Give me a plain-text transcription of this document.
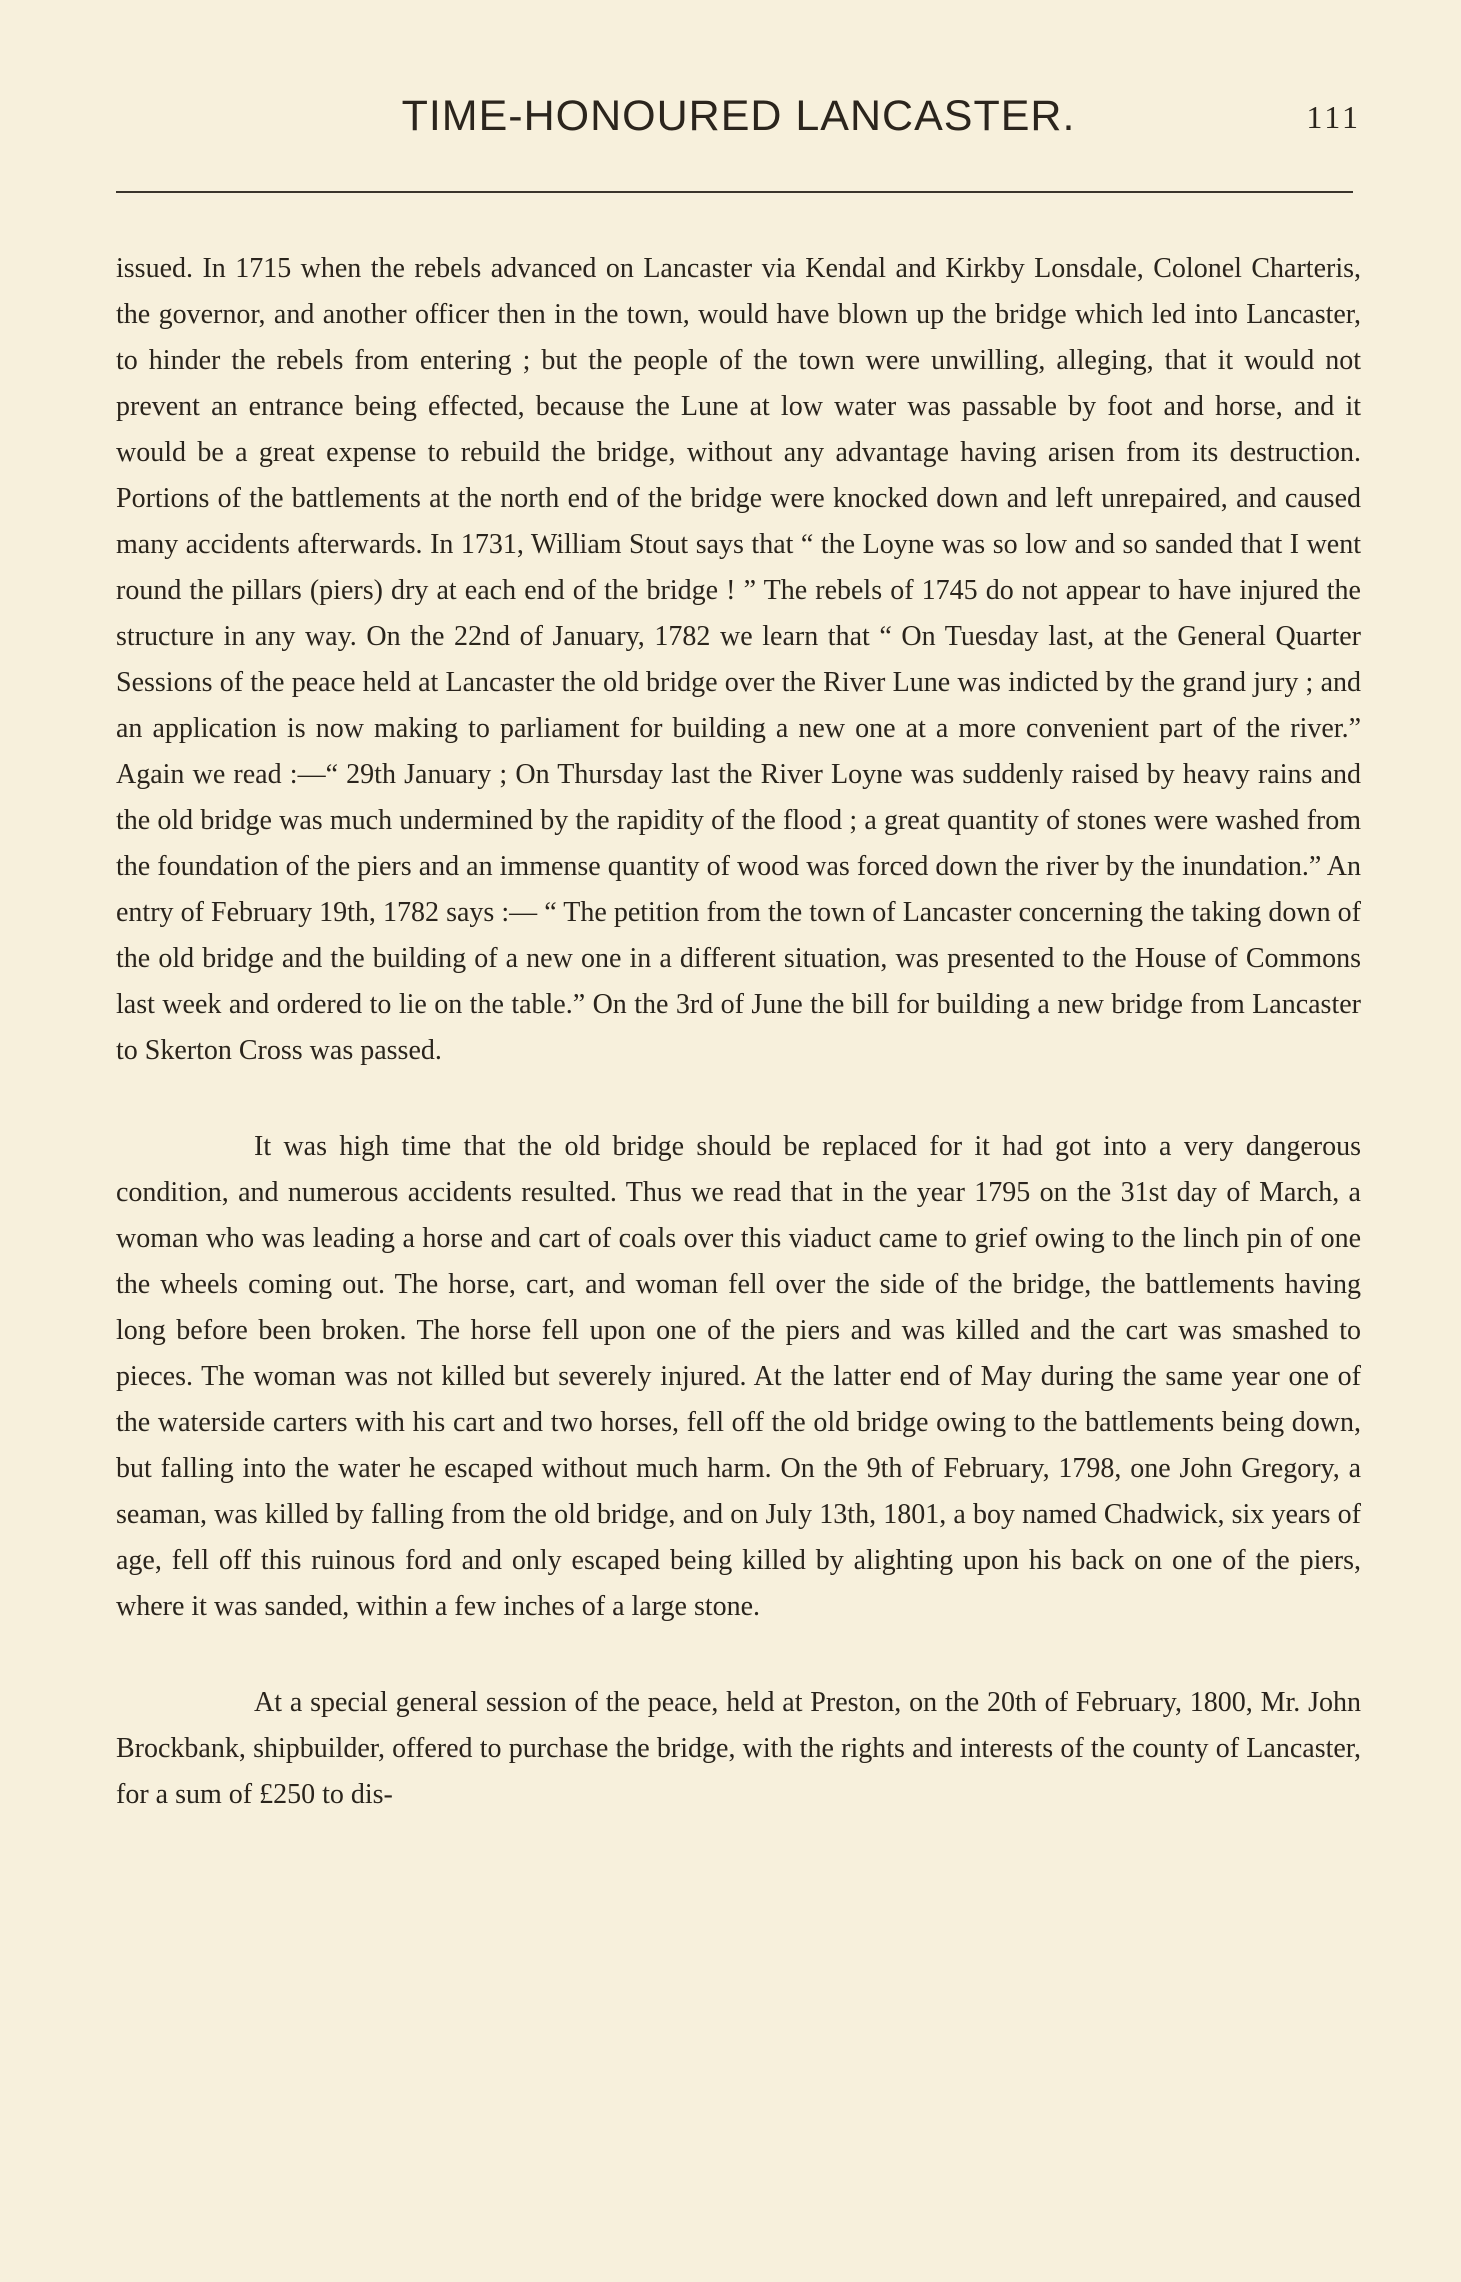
TIME-HONOURED LANCASTER.	111

issued. In 1715 when the rebels advanced on Lancaster via Kendal and Kirkby Lonsdale, Colonel Charteris, the governor, and another officer then in the town, would have blown up the bridge which led into Lancaster, to hinder the rebels from entering ; but the people of the town were unwilling, alleging, that it would not prevent an entrance being effected, because the Lune at low water was passable by foot and horse, and it would be a great expense to rebuild the bridge, without any advantage having arisen from its destruction. Portions of the battlements at the north end of the bridge were knocked down and left unrepaired, and caused many accidents afterwards. In 1731, William Stout says that “ the Loyne was so low and so sanded that I went round the pillars (piers) dry at each end of the bridge ! ” The rebels of 1745 do not appear to have injured the structure in any way. On the 22nd of January, 1782 we learn that “ On Tuesday last, at the General Quarter Sessions of the peace held at Lancaster the old bridge over the River Lune was indicted by the grand jury ; and an application is now making to parliament for building a new one at a more convenient part of the river.” Again we read :—“ 29th January ; On Thursday last the River Loyne was suddenly raised by heavy rains and the old bridge was much undermined by the rapidity of the flood ; a great quantity of stones were washed from the foundation of the piers and an immense quantity of wood was forced down the river by the inundation.” An entry of February 19th, 1782 says :— “ The petition from the town of Lancaster concerning the taking down of the old bridge and the building of a new one in a different situation, was presented to the House of Commons last week and ordered to lie on the table.” On the 3rd of June the bill for building a new bridge from Lancaster to Skerton Cross was passed.

It was high time that the old bridge should be replaced for it had got into a very dangerous condition, and numerous accidents resulted. Thus we read that in the year 1795 on the 31st day of March, a woman who was leading a horse and cart of coals over this viaduct came to grief owing to the linch pin of one the wheels coming out. The horse, cart, and woman fell over the side of the bridge, the battlements having long before been broken. The horse fell upon one of the piers and was killed and the cart was smashed to pieces. The woman was not killed but severely injured. At the latter end of May during the same year one of the waterside carters with his cart and two horses, fell off the old bridge owing to the battlements being down, but falling into the water he escaped without much harm. On the 9th of February, 1798, one John Gregory, a seaman, was killed by falling from the old bridge, and on July 13th, 1801, a boy named Chadwick, six years of age, fell off this ruinous ford and only escaped being killed by alighting upon his back on one of the piers, where it was sanded, within a few inches of a large stone.

At a special general session of the peace, held at Preston, on the 20th of February, 1800, Mr. John Brockbank, shipbuilder, offered to purchase the bridge, with the rights and interests of the county of Lancaster, for a sum of £250 to dis-
